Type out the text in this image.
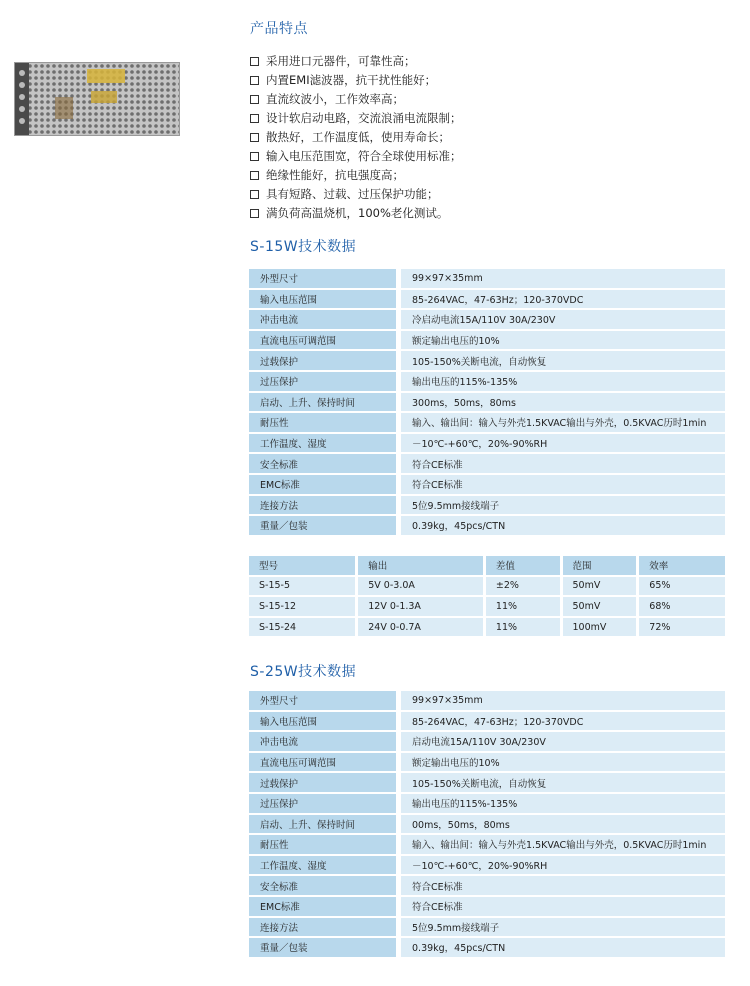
产品特点
采用进口元器件，可靠性高；
内置EMI滤波器，抗干扰性能好；
直流纹波小，工作效率高；
设计软启动电路，交流浪涌电流限制；
散热好，工作温度低，使用寿命长；
输入电压范围宽，符合全球使用标准；
绝缘性能好，抗电强度高；
具有短路、过载、过压保护功能；
满负荷高温烧机，100%老化测试。
S-15W技术数据
外型尺寸	99×97×35mm
输入电压范围	85-264VAC，47-63Hz；120-370VDC
冲击电流	冷启动电流15A/110V 30A/230V
直流电压可调范围	额定输出电压的10%
过载保护	105-150%关断电流，自动恢复
过压保护	输出电压的115%-135%
启动、上升、保持时间	300ms，50ms，80ms
耐压性	输入、输出间：输入与外壳1.5KVAC输出与外壳，0.5KVAC历时1min
工作温度、湿度	－10℃-+60℃，20%-90%RH
安全标准	符合CE标准
EMC标准	符合CE标准
连接方法	5位9.5mm接线端子
重量／包装	0.39kg，45pcs/CTN
型号	输出	差值	范围	效率
S-15-5	5V 0-3.0A	±2%	50mV	65%
S-15-12	12V 0-1.3A	11%	50mV	68%
S-15-24	24V 0-0.7A	11%	100mV	72%
S-25W技术数据
外型尺寸	99×97×35mm
输入电压范围	85-264VAC，47-63Hz；120-370VDC
冲击电流	启动电流15A/110V 30A/230V
直流电压可调范围	额定输出电压的10%
过载保护	105-150%关断电流，自动恢复
过压保护	输出电压的115%-135%
启动、上升、保持时间	00ms，50ms，80ms
耐压性	输入、输出间：输入与外壳1.5KVAC输出与外壳，0.5KVAC历时1min
工作温度、湿度	－10℃-+60℃，20%-90%RH
安全标准	符合CE标准
EMC标准	符合CE标准
连接方法	5位9.5mm接线端子
重量／包装	0.39kg，45pcs/CTN
